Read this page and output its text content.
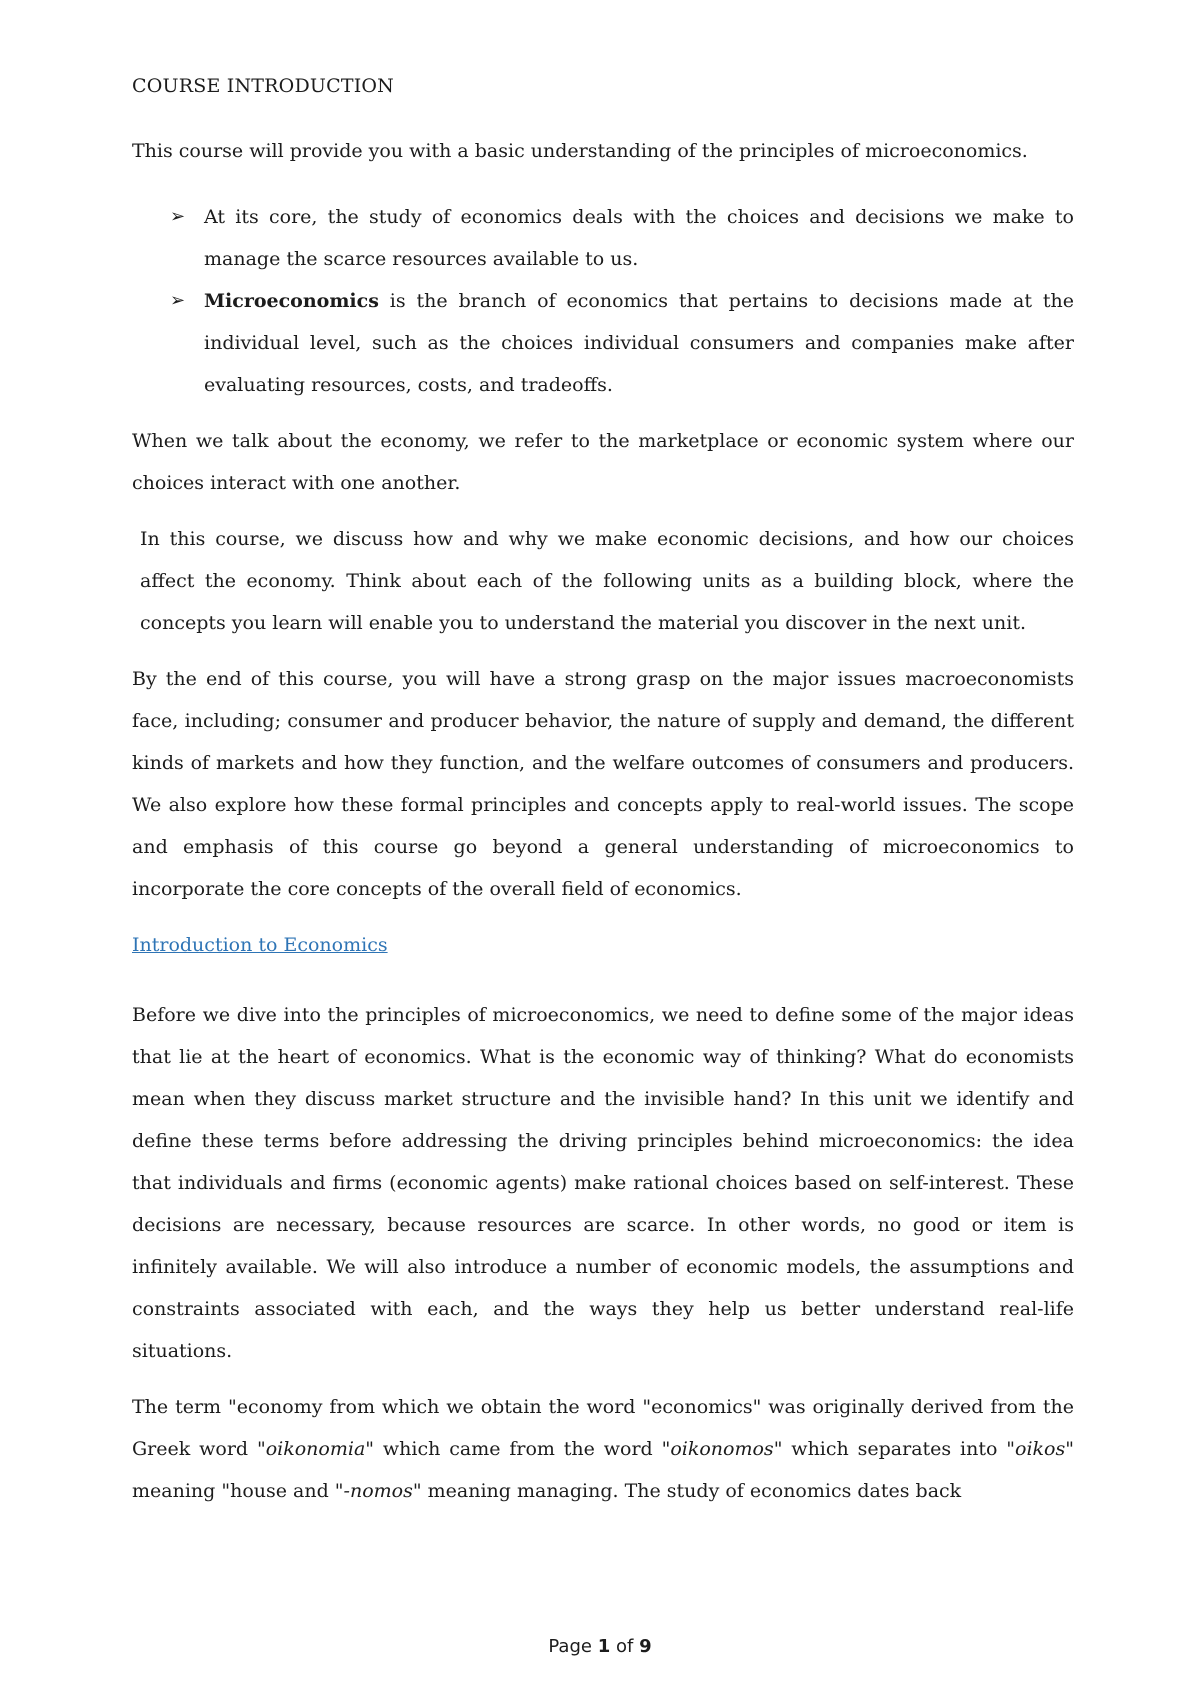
COURSE INTRODUCTION

This course will provide you with a basic understanding of the principles of microeconomics.

➢ At its core, the study of economics deals with the choices and decisions we make to manage the scarce resources available to us.
➢ Microeconomics is the branch of economics that pertains to decisions made at the individual level, such as the choices individual consumers and companies make after evaluating resources, costs, and tradeoffs.

When we talk about the economy, we refer to the marketplace or economic system where our choices interact with one another.

In this course, we discuss how and why we make economic decisions, and how our choices affect the economy. Think about each of the following units as a building block, where the concepts you learn will enable you to understand the material you discover in the next unit.

By the end of this course, you will have a strong grasp on the major issues macroeconomists face, including; consumer and producer behavior, the nature of supply and demand, the different kinds of markets and how they function, and the welfare outcomes of consumers and producers. We also explore how these formal principles and concepts apply to real-world issues. The scope and emphasis of this course go beyond a general understanding of microeconomics to incorporate the core concepts of the overall field of economics.

Introduction to Economics

Before we dive into the principles of microeconomics, we need to define some of the major ideas that lie at the heart of economics. What is the economic way of thinking? What do economists mean when they discuss market structure and the invisible hand? In this unit we identify and define these terms before addressing the driving principles behind microeconomics: the idea that individuals and firms (economic agents) make rational choices based on self-interest. These decisions are necessary, because resources are scarce. In other words, no good or item is infinitely available. We will also introduce a number of economic models, the assumptions and constraints associated with each, and the ways they help us better understand real-life situations.

The term "economy from which we obtain the word "economics" was originally derived from the Greek word "oikonomia" which came from the word "oikonomos" which separates into "oikos" meaning "house and "-nomos" meaning managing. The study of economics dates back

Page 1 of 9
